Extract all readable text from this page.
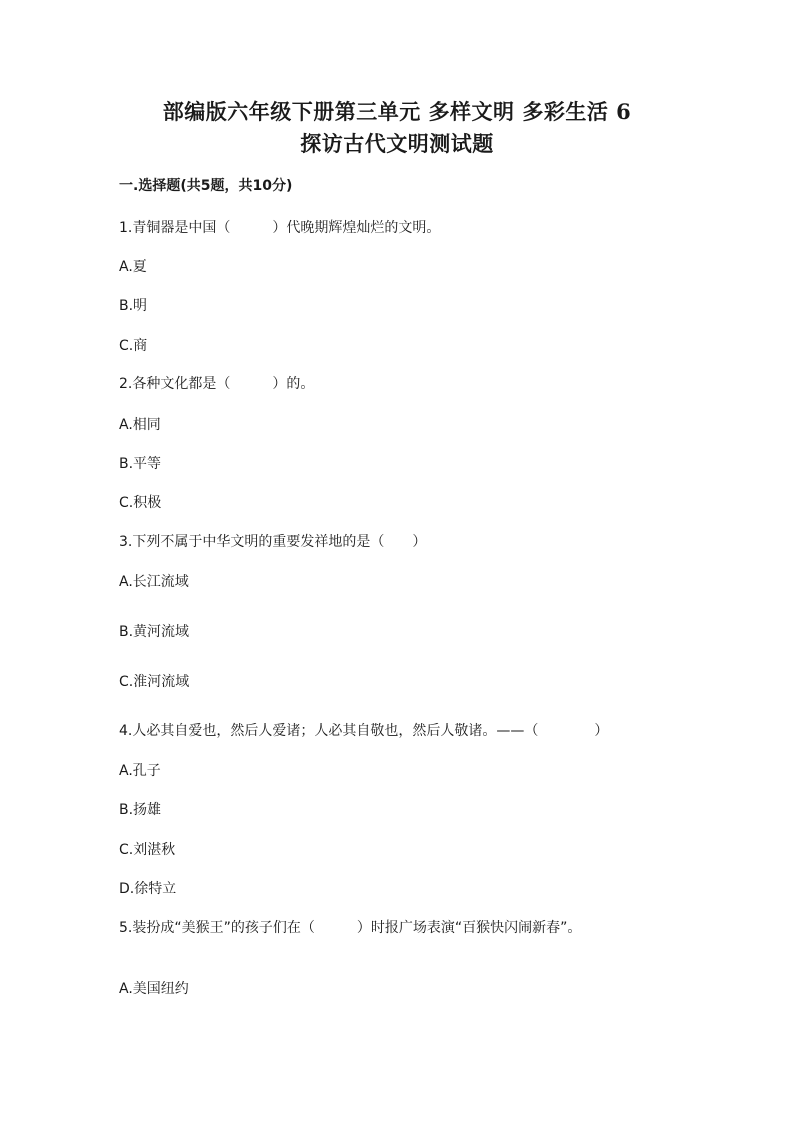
部编版六年级下册第三单元 多样文明 多彩生活 6
探访古代文明测试题
一.选择题(共5题，共10分)
1.青铜器是中国（　　　）代晚期辉煌灿烂的文明。
A.夏
B.明
C.商
2.各种文化都是（　　　）的。
A.相同
B.平等
C.积极
3.下列不属于中华文明的重要发祥地的是（　　）
A.长江流域
B.黄河流域
C.淮河流域
4.人必其自爱也，然后人爱诸；人必其自敬也，然后人敬诸。——（　　　　）
A.孔子
B.扬雄
C.刘湛秋
D.徐特立
5.装扮成“美猴王”的孩子们在（　　　）时报广场表演“百猴快闪闹新春”。
A.美国纽约
